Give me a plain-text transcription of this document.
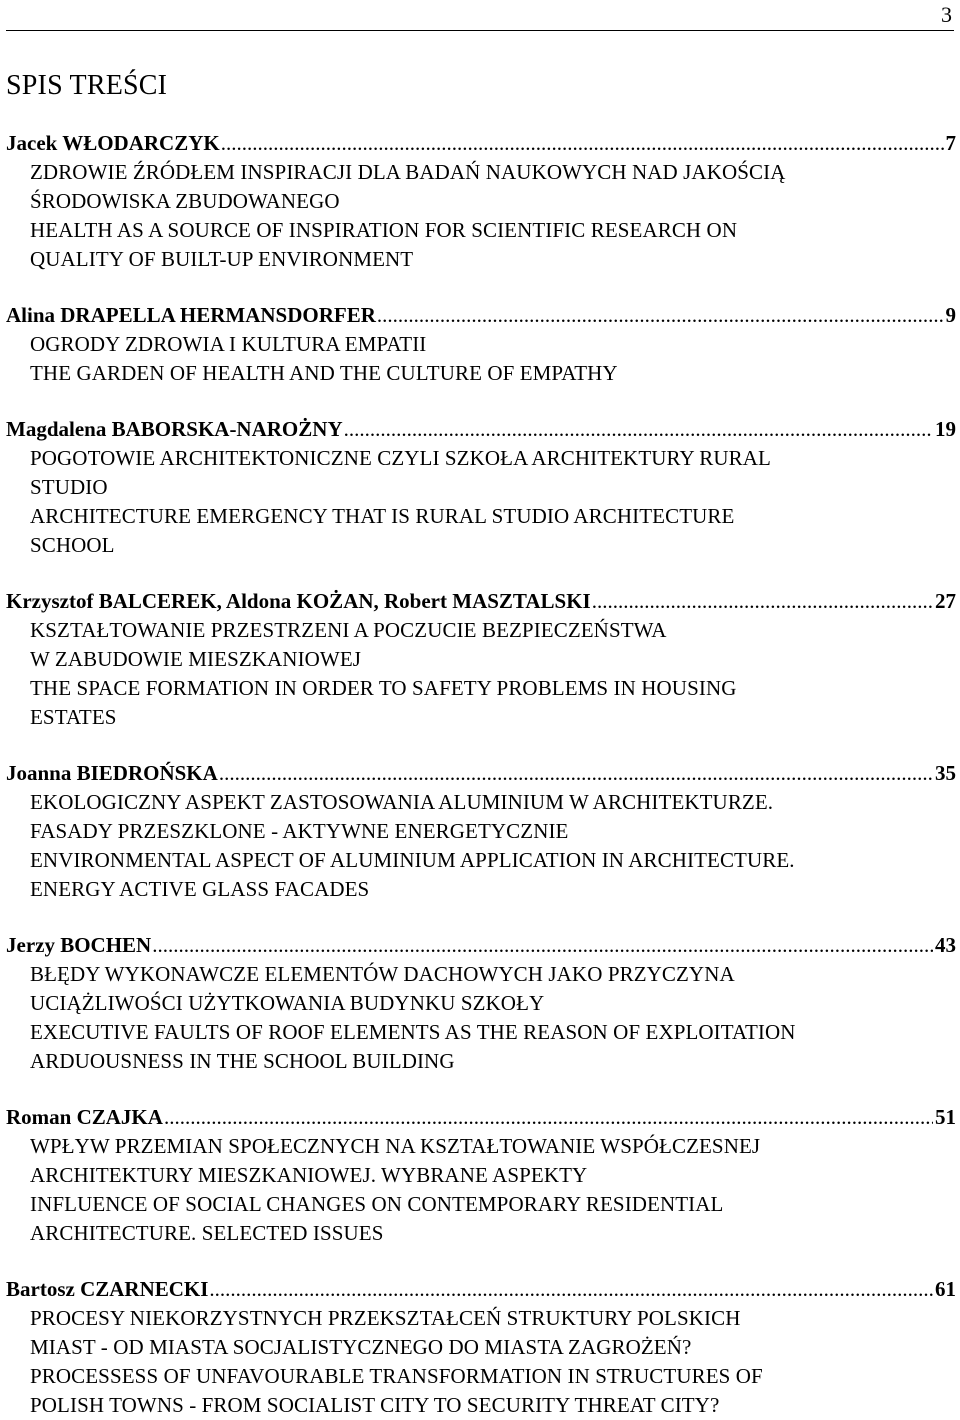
3
SPIS TREŚCI
Jacek WŁODARCZYK .....	7
ZDROWIE ŹRÓDŁEM INSPIRACJI DLA BADAŃ NAUKOWYCH NAD JAKOŚCIĄ
ŚRODOWISKA ZBUDOWANEGO
HEALTH AS A SOURCE OF INSPIRATION FOR SCIENTIFIC RESEARCH ON
QUALITY OF BUILT-UP ENVIRONMENT
Alina DRAPELLA HERMANSDORFER .....	9
OGRODY ZDROWIA I KULTURA EMPATII
THE GARDEN OF HEALTH AND THE CULTURE OF EMPATHY
Magdalena BABORSKA-NAROŻNY .....	19
POGOTOWIE ARCHITEKTONICZNE CZYLI SZKOŁA ARCHITEKTURY RURAL
STUDIO
ARCHITECTURE EMERGENCY THAT IS RURAL STUDIO ARCHITECTURE
SCHOOL
Krzysztof BALCEREK, Aldona KOŻAN, Robert MASZTALSKI .....	27
KSZTAŁTOWANIE PRZESTRZENI A POCZUCIE BEZPIECZEŃSTWA
W ZABUDOWIE MIESZKANIOWEJ
THE SPACE FORMATION IN ORDER TO SAFETY PROBLEMS IN HOUSING
ESTATES
Joanna BIEDROŃSKA .....	35
EKOLOGICZNY ASPEKT ZASTOSOWANIA ALUMINIUM W ARCHITEKTURZE.
FASADY PRZESZKLONE - AKTYWNE ENERGETYCZNIE
ENVIRONMENTAL ASPECT OF ALUMINIUM APPLICATION IN ARCHITECTURE.
ENERGY ACTIVE GLASS FACADES
Jerzy BOCHEN .....	43
BŁĘDY WYKONAWCZE ELEMENTÓW DACHOWYCH JAKO PRZYCZYNA
UCIĄŻLIWOŚCI UŻYTKOWANIA BUDYNKU SZKOŁY
EXECUTIVE FAULTS OF ROOF ELEMENTS AS THE REASON OF EXPLOITATION
ARDUOUSNESS IN THE SCHOOL BUILDING
Roman CZAJKA .....	51
WPŁYW PRZEMIAN SPOŁECZNYCH NA KSZTAŁTOWANIE WSPÓŁCZESNEJ
ARCHITEKTURY MIESZKANIOWEJ. WYBRANE ASPEKTY
INFLUENCE OF SOCIAL CHANGES ON CONTEMPORARY RESIDENTIAL
ARCHITECTURE. SELECTED ISSUES
Bartosz CZARNECKI .....	61
PROCESY NIEKORZYSTNYCH PRZEKSZTAŁCEŃ STRUKTURY POLSKICH
MIAST - OD MIASTA SOCJALISTYCZNEGO DO MIASTA ZAGROŻEŃ?
PROCESSESS OF UNFAVOURABLE TRANSFORMATION IN STRUCTURES OF
POLISH TOWNS - FROM SOCIALIST CITY TO SECURITY THREAT CITY?
